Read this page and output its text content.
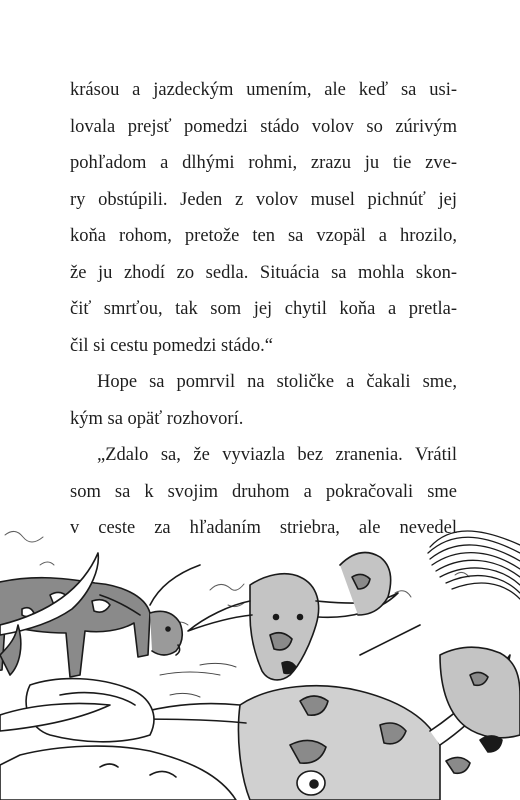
krásou a jazdeckým umením, ale keď sa usi-
lovala prejsť pomedzi stádo volov so zúrivým
pohľadom a dlhými rohmi, zrazu ju tie zve-
ry obstúpili. Jeden z volov musel pichnúť jej
koňa rohom, pretože ten sa vzopäl a hrozilo,
že ju zhodí zo sedla. Situácia sa mohla skon-
čiť smrťou, tak som jej chytil koňa a pretla-
čil si cestu pomedzi stádo.“
Hope sa pomrvil na stoličke a čakali sme,
kým sa opäť rozhovorí.
„Zdalo sa, že vyviazla bez zranenia. Vrátil
som sa k svojim druhom a pokračovali sme
v ceste za hľadaním striebra, ale nevedel
